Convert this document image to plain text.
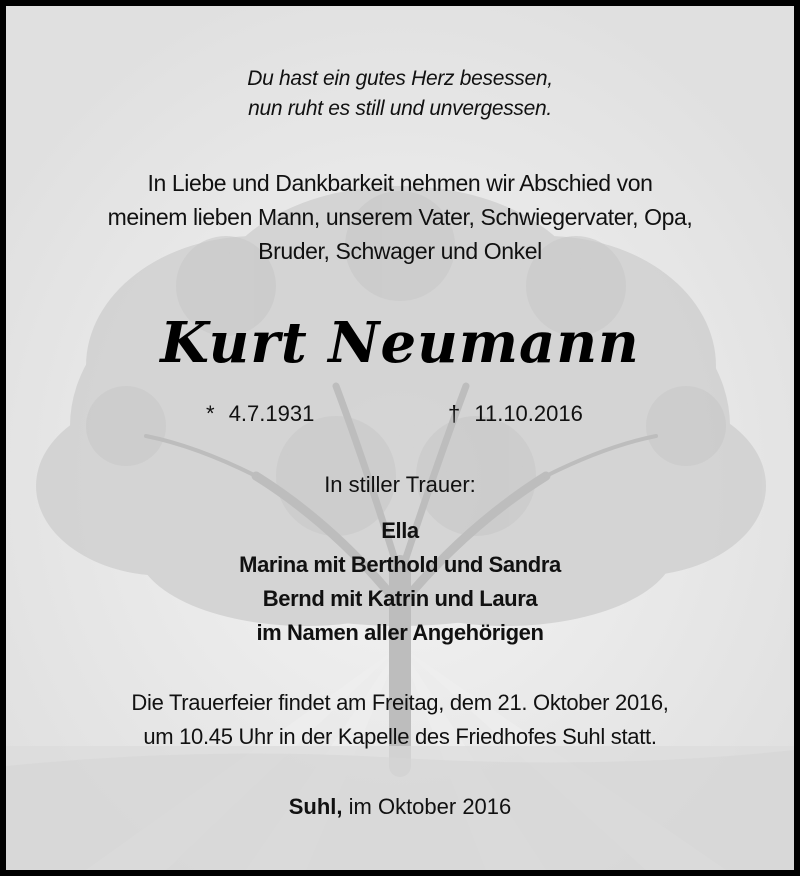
Du hast ein gutes Herz besessen,
nun ruht es still und unvergessen.
In Liebe und Dankbarkeit nehmen wir Abschied von
meinem lieben Mann, unserem Vater, Schwiegervater, Opa,
Bruder, Schwager und Onkel
Kurt Neumann
* 4.7.1931	† 11.10.2016
In stiller Trauer:
Ella
Marina mit Berthold und Sandra
Bernd mit Katrin und Laura
im Namen aller Angehörigen
Die Trauerfeier findet am Freitag, dem 21. Oktober 2016,
um 10.45 Uhr in der Kapelle des Friedhofes Suhl statt.
Suhl, im Oktober 2016
